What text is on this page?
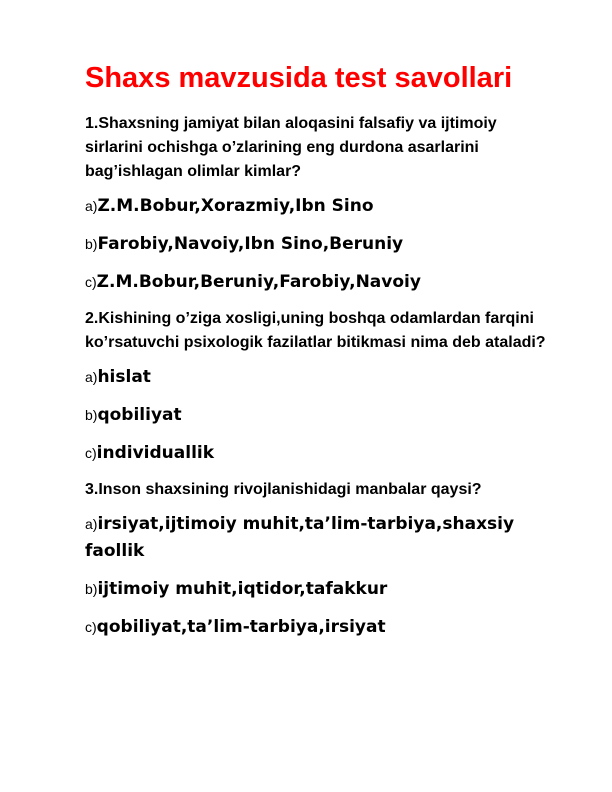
Shaxs mavzusida test savollari
1.Shaxsning jamiyat bilan aloqasini falsafiy va ijtimoiy sirlarini ochishga o’zlarining eng durdona asarlarini bag’ishlagan olimlar kimlar?
a)Z.M.Bobur,Xorazmiy,Ibn Sino
b)Farobiy,Navoiy,Ibn Sino,Beruniy
c)Z.M.Bobur,Beruniy,Farobiy,Navoiy
2.Kishining o’ziga xosligi,uning boshqa odamlardan farqini ko’rsatuvchi psixologik fazilatlar bitikmasi nima deb ataladi?
a)hislat
b)qobiliyat
c)individuallik
3.Inson shaxsining rivojlanishidagi manbalar qaysi?
a)irsiyat,ijtimoiy muhit,ta’lim-tarbiya,shaxsiy faollik
b)ijtimoiy muhit,iqtidor,tafakkur
c)qobiliyat,ta’lim-tarbiya,irsiyat
